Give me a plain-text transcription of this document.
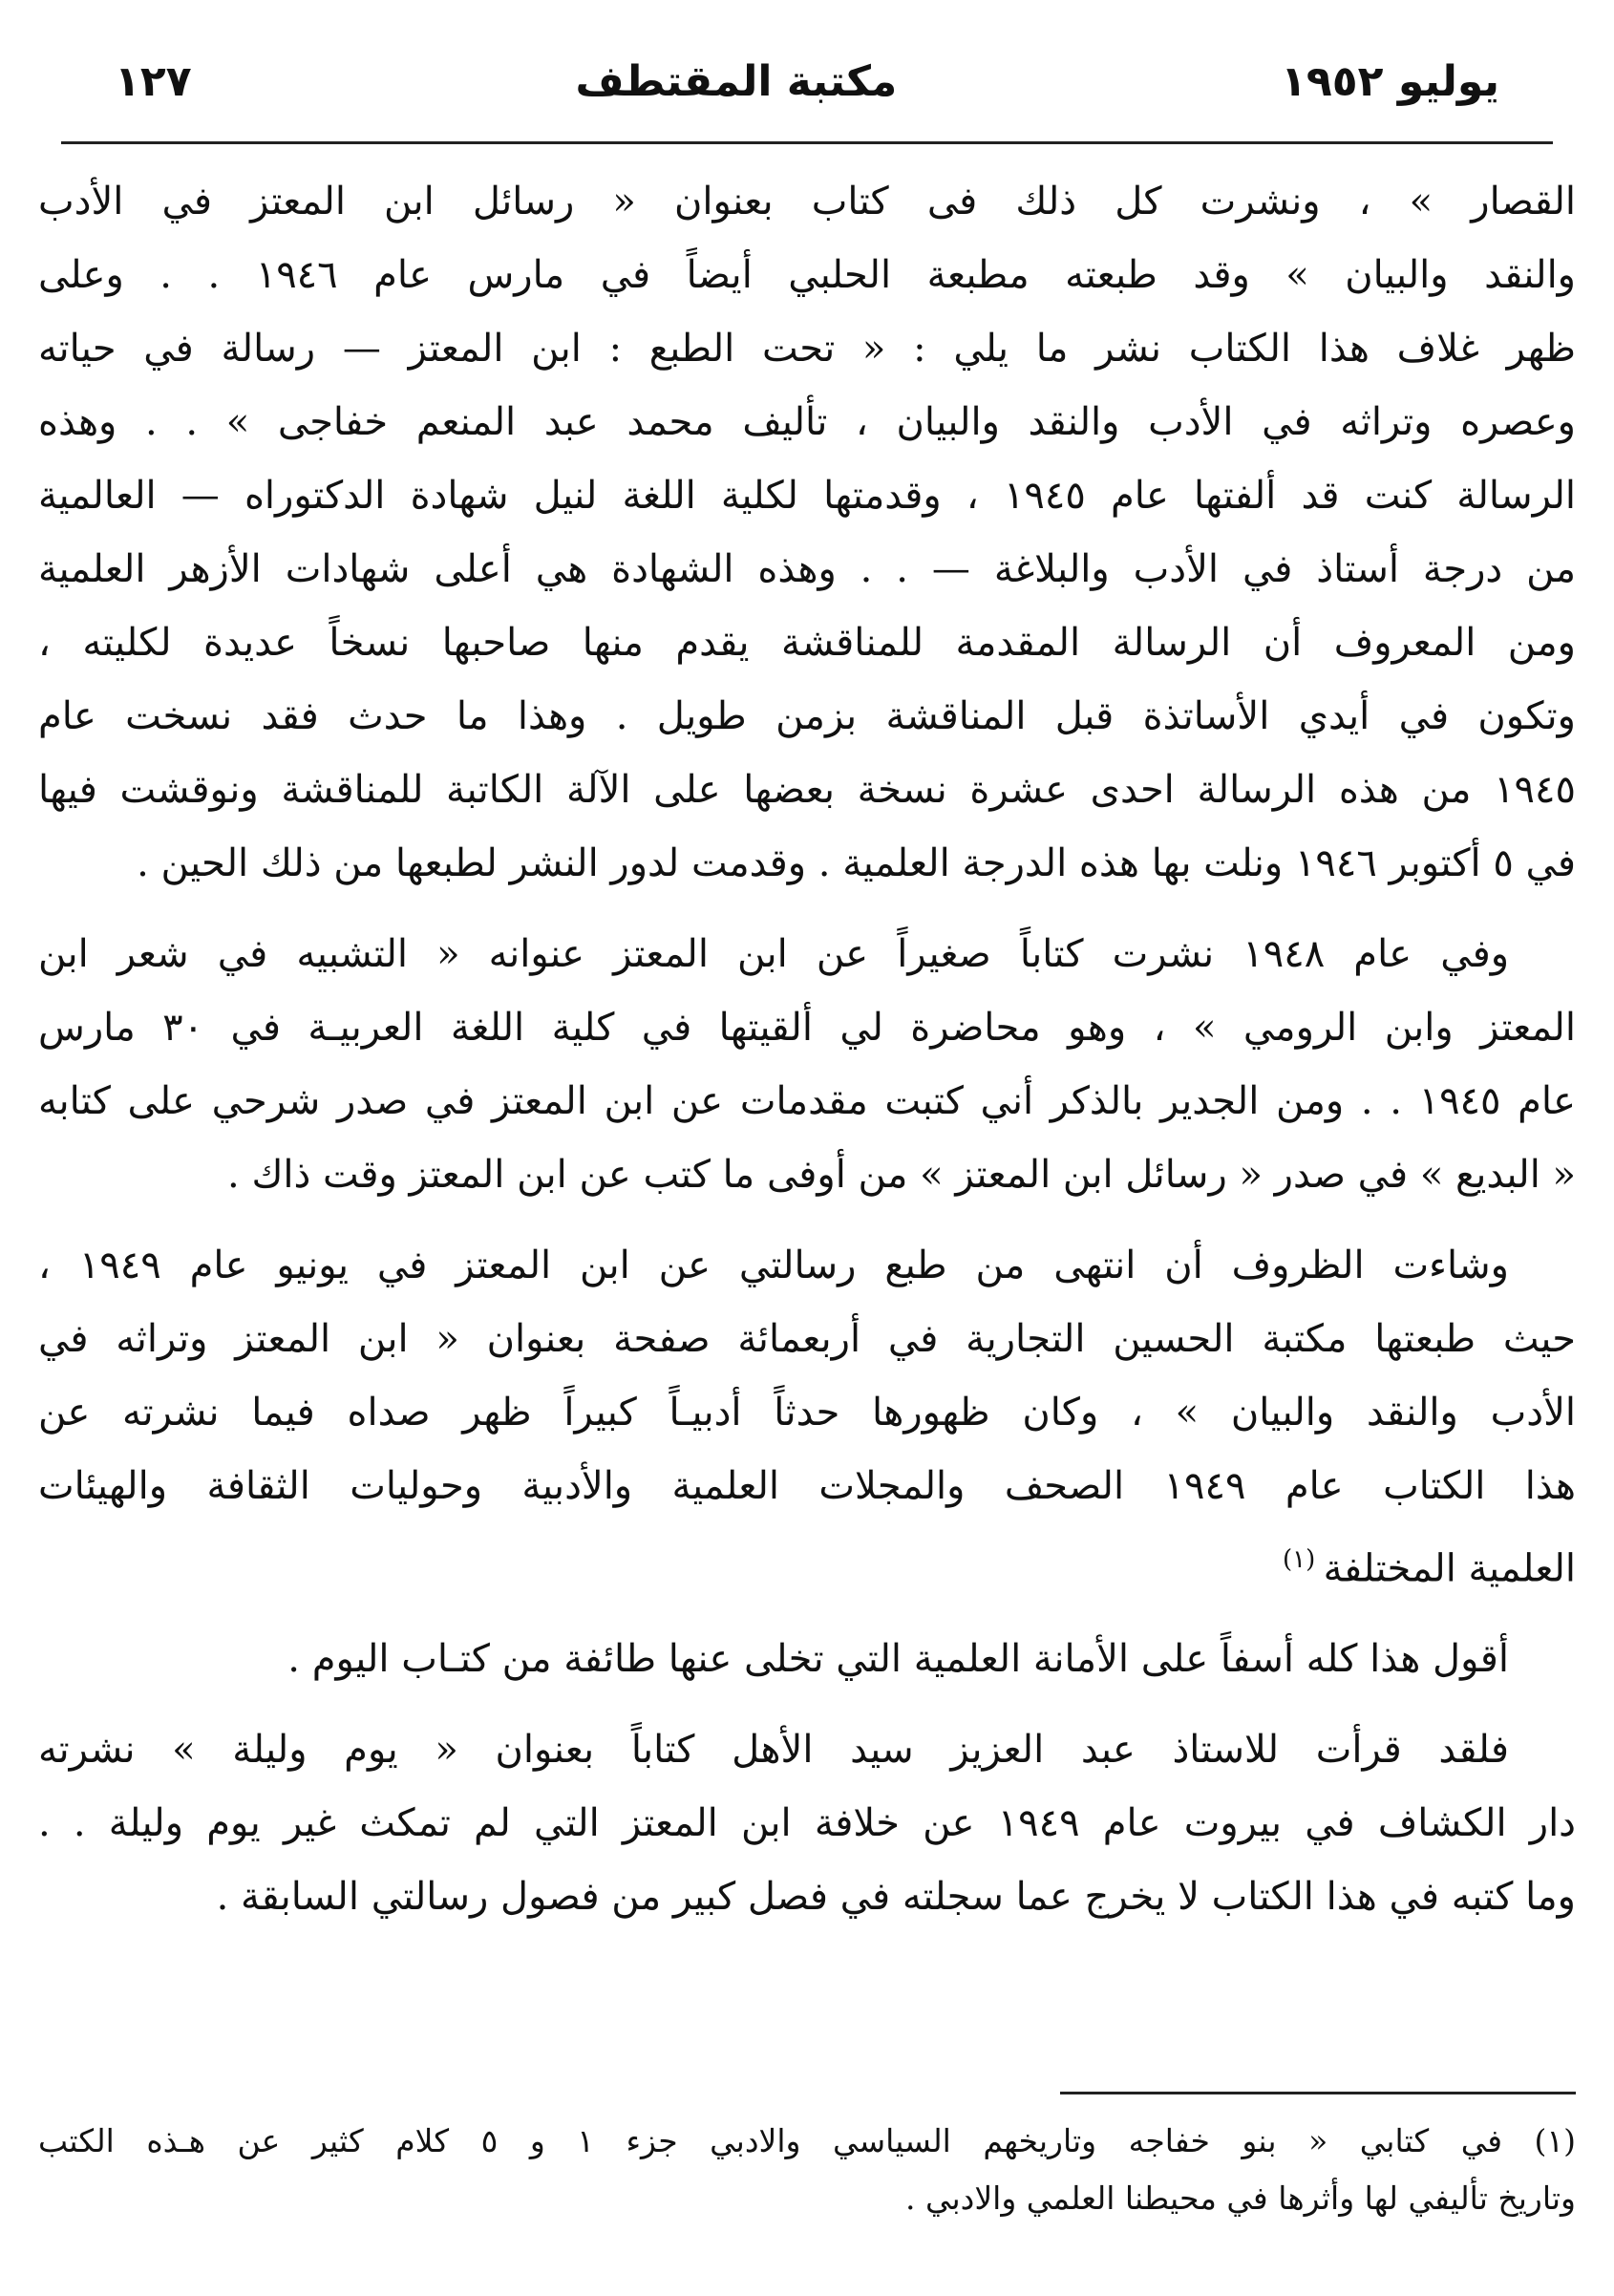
يوليو ١٩٥٢
مكتبة المقتطف
١٢٧
القصار » ، ونشرت كل ذلك فى كتاب بعنوان « رسائل ابن المعتز في الأدب
والنقد والبيان » وقد طبعته مطبعة الحلبي أيضاً في مارس عام ١٩٤٦ . . وعلى
ظهر غلاف هذا الكتاب نشر ما يلي : « تحت الطبع : ابن المعتز — رسالة في حياته
وعصره وتراثه في الأدب والنقد والبيان ، تأليف محمد عبد المنعم خفاجى » . . وهذه
الرسالة كنت قد ألفتها عام ١٩٤٥ ، وقدمتها لكلية اللغة لنيل شهادة الدكتوراه — العالمية
من درجة أستاذ في الأدب والبلاغة — . . وهذه الشهادة هي أعلى شهادات الأزهر العلمية
ومن المعروف أن الرسالة المقدمة للمناقشة يقدم منها صاحبها نسخاً عديدة لكليته ،
وتكون في أيدي الأساتذة قبل المناقشة بزمن طويل . وهذا ما حدث فقد نسخت عام
١٩٤٥ من هذه الرسالة احدى عشرة نسخة بعضها على الآلة الكاتبة للمناقشة ونوقشت فيها
في ٥ أكتوبر ١٩٤٦ ونلت بها هذه الدرجة العلمية . وقدمت لدور النشر لطبعها من ذلك الحين .
وفي عام ١٩٤٨ نشرت كتاباً صغيراً عن ابن المعتز عنوانه « التشبيه في شعر ابن
المعتز وابن الرومي » ، وهو محاضرة لي ألقيتها في كلية اللغة العربيـة في ٣٠ مارس
عام ١٩٤٥ . . ومن الجدير بالذكر أني كتبت مقدمات عن ابن المعتز في صدر شرحي على كتابه
« البديع » في صدر « رسائل ابن المعتز » من أوفى ما كتب عن ابن المعتز وقت ذاك .
وشاءت الظروف أن انتهى من طبع رسالتي عن ابن المعتز في يونيو عام ١٩٤٩ ،
حيث طبعتها مكتبة الحسين التجارية في أربعمائة صفحة بعنوان « ابن المعتز وتراثه في
الأدب والنقد والبيان » ، وكان ظهورها حدثاً أدبيـاً كبيراً ظهر صداه فيما نشرته عن
هذا الكتاب عام ١٩٤٩ الصحف والمجلات العلمية والأدبية وحوليات الثقافة والهيئات
العلمية المختلفة $^{(١)}$
أقول هذا كله أسفاً على الأمانة العلمية التي تخلى عنها طائفة من كتـاب اليوم .
فلقد قرأت للاستاذ عبد العزيز سيد الأهل كتاباً بعنوان « يوم وليلة » نشرته
دار الكشاف في بيروت عام ١٩٤٩ عن خلافة ابن المعتز التي لم تمكث غير يوم وليلة . .
وما كتبه في هذا الكتاب لا يخرج عما سجلته في فصل كبير من فصول رسالتي السابقة .
(١) في كتابي « بنو خفاجه وتاريخهم السياسي والادبي جزء ١ و ٥ كلام كثير عن هـذه الكتب
وتاريخ تأليفي لها وأثرها في محيطنا العلمي والادبي .
